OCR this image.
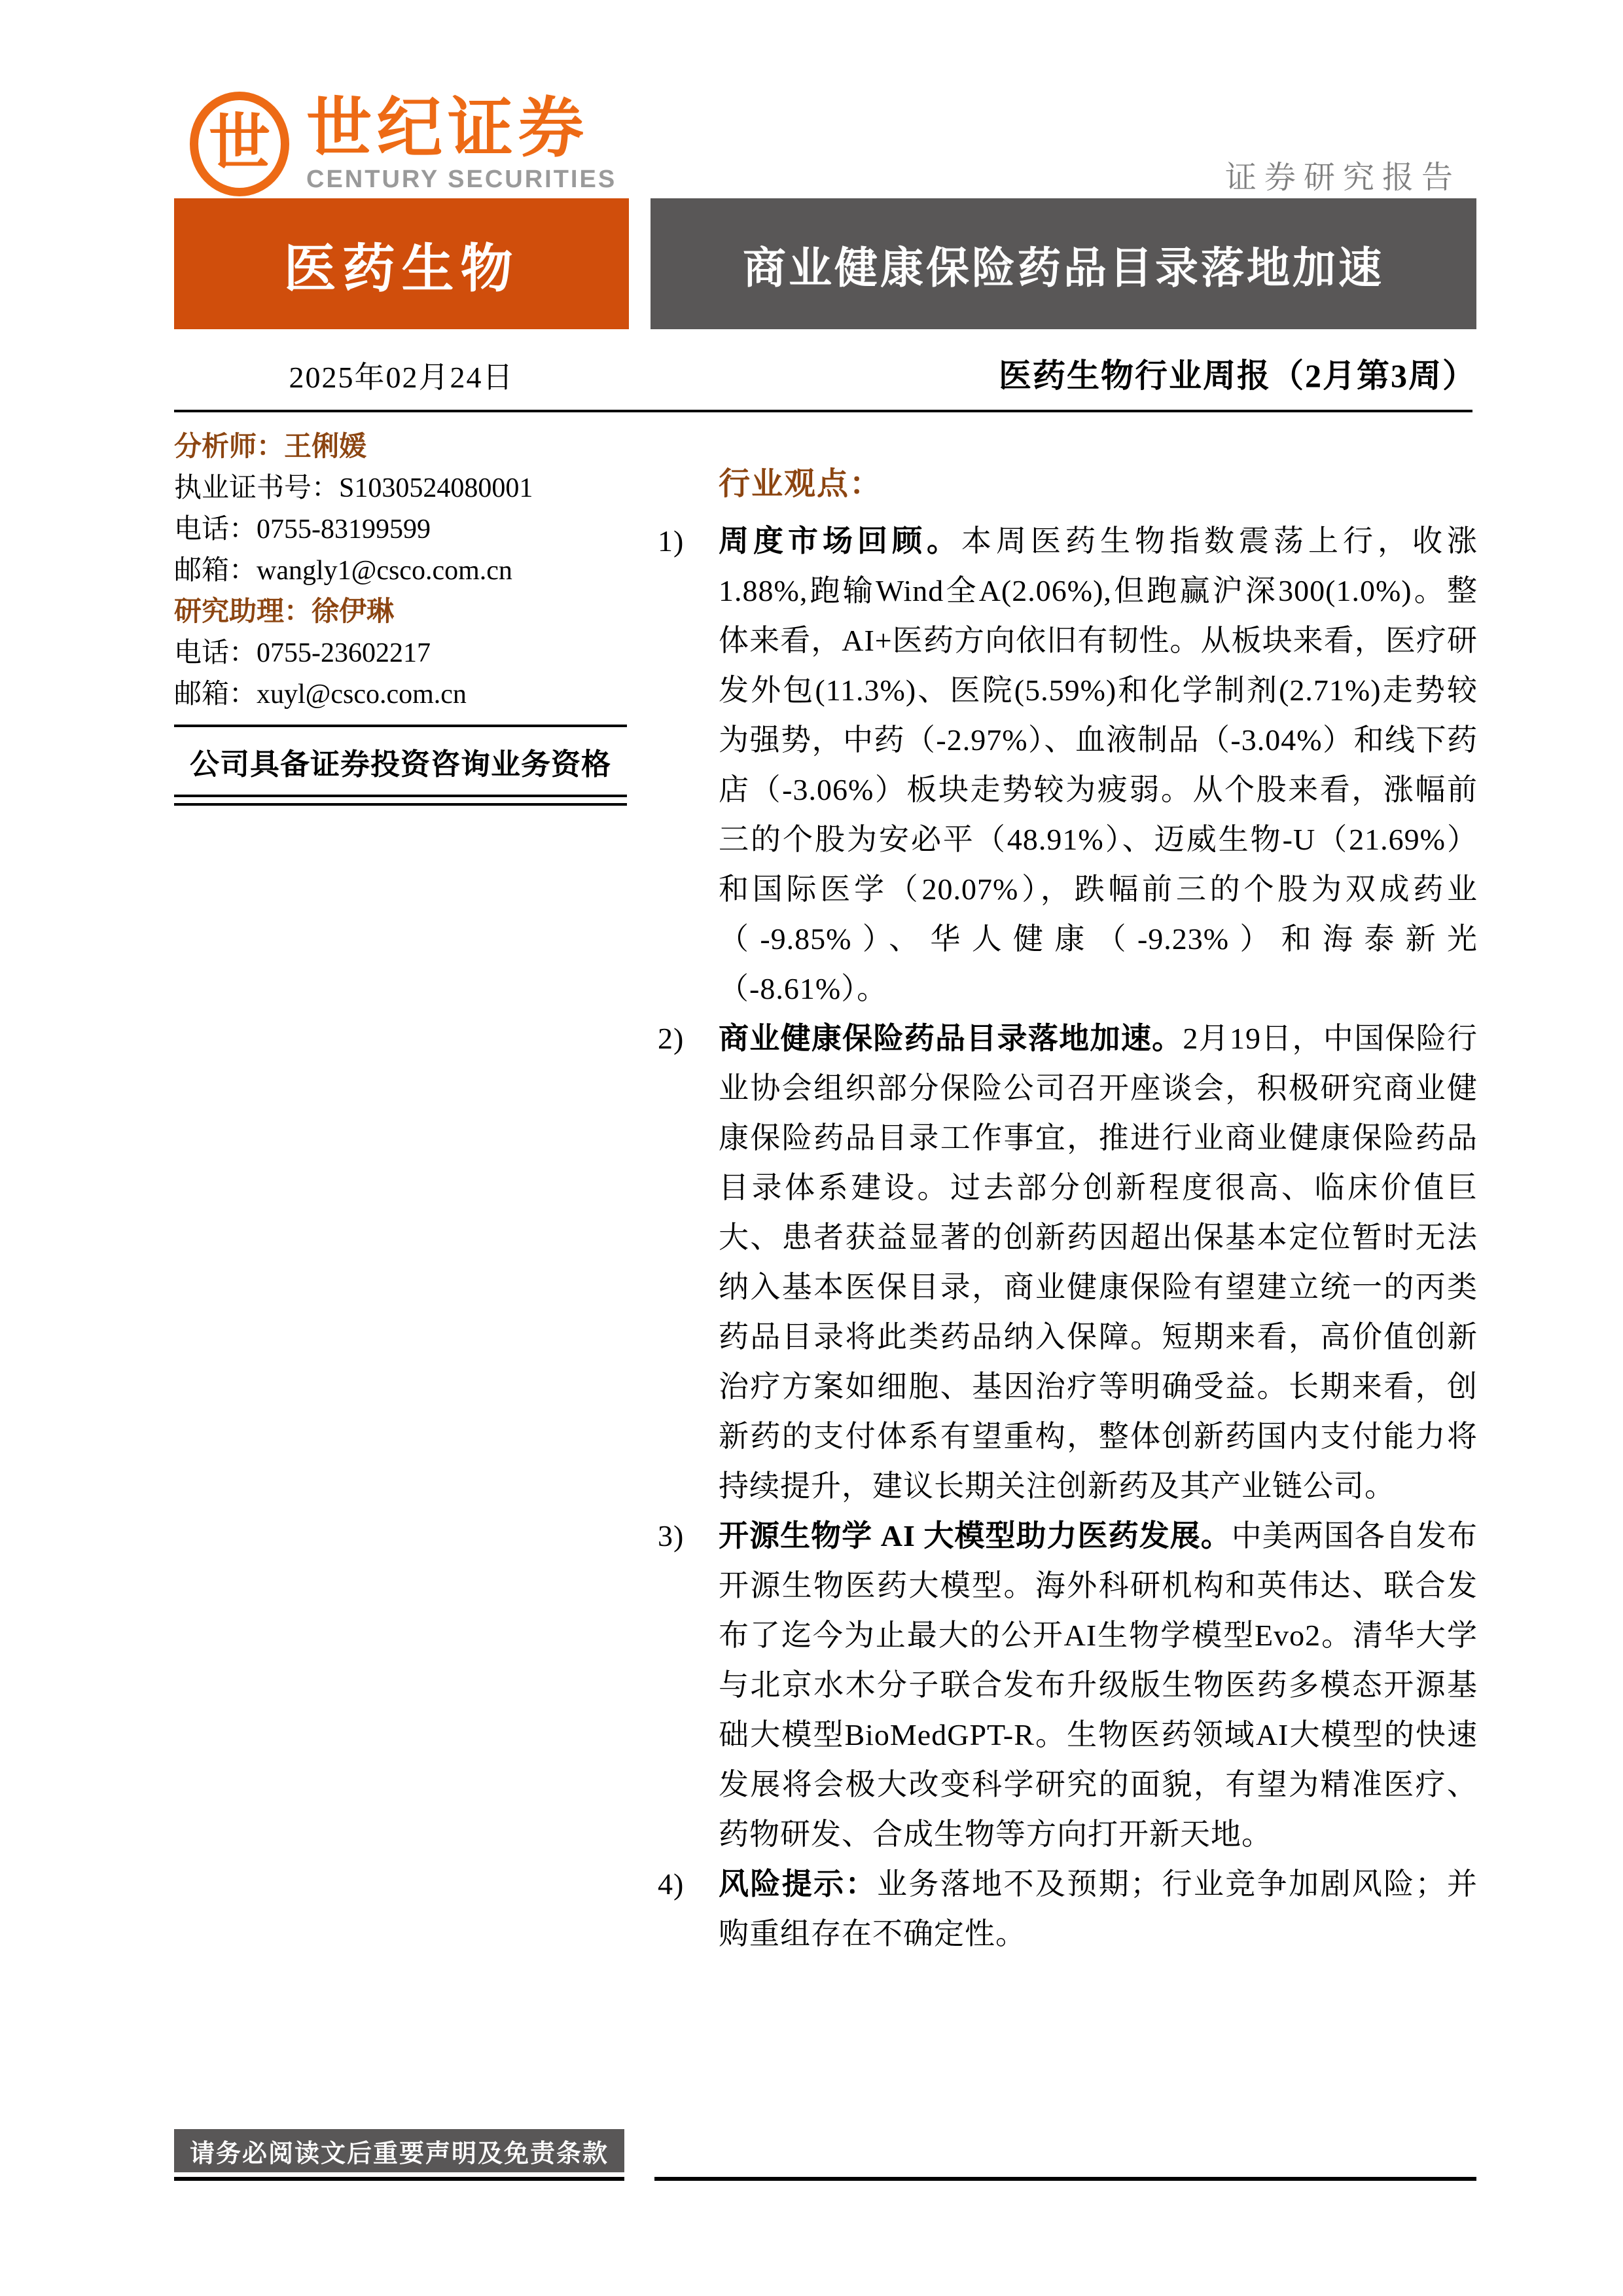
世 世纪证券
CENTURY SECURITIES	证券研究报告
医药生物	商业健康保险药品目录落地加速
2025年02月24日	医药生物行业周报（2月第3周）
分析师：王俐媛
执业证书号：S1030524080001
电话：0755-83199599
邮箱：wangly1@csco.com.cn
研究助理：徐伊琳
电话：0755-23602217
邮箱：xuyl@csco.com.cn
公司具备证券投资咨询业务资格
行业观点：
1)	周度市场回顾。本周医药生物指数震荡上行，收涨1.88%,跑输Wind全A(2.06%),但跑赢沪深300(1.0%)。整体来看，AI+医药方向依旧有韧性。从板块来看，医疗研发外包(11.3%)、医院(5.59%)和化学制剂(2.71%)走势较为强势，中药（-2.97%）、血液制品（-3.04%）和线下药店（-3.06%）板块走势较为疲弱。从个股来看，涨幅前三的个股为安必平（48.91%）、迈威生物-U（21.69%）和国际医学（20.07%），跌幅前三的个股为双成药业（-9.85%）、华人健康（-9.23%）和海泰新光（-8.61%）。
2)	商业健康保险药品目录落地加速。2月19日，中国保险行业协会组织部分保险公司召开座谈会，积极研究商业健康保险药品目录工作事宜，推进行业商业健康保险药品目录体系建设。过去部分创新程度很高、临床价值巨大、患者获益显著的创新药因超出保基本定位暂时无法纳入基本医保目录，商业健康保险有望建立统一的丙类药品目录将此类药品纳入保障。短期来看，高价值创新治疗方案如细胞、基因治疗等明确受益。长期来看，创新药的支付体系有望重构，整体创新药国内支付能力将持续提升，建议长期关注创新药及其产业链公司。
3)	开源生物学 AI 大模型助力医药发展。中美两国各自发布开源生物医药大模型。海外科研机构和英伟达、联合发布了迄今为止最大的公开AI生物学模型Evo2。清华大学与北京水木分子联合发布升级版生物医药多模态开源基础大模型BioMedGPT-R。生物医药领域AI大模型的快速发展将会极大改变科学研究的面貌，有望为精准医疗、药物研发、合成生物等方向打开新天地。
4)	风险提示：业务落地不及预期；行业竞争加剧风险；并购重组存在不确定性。
请务必阅读文后重要声明及免责条款
